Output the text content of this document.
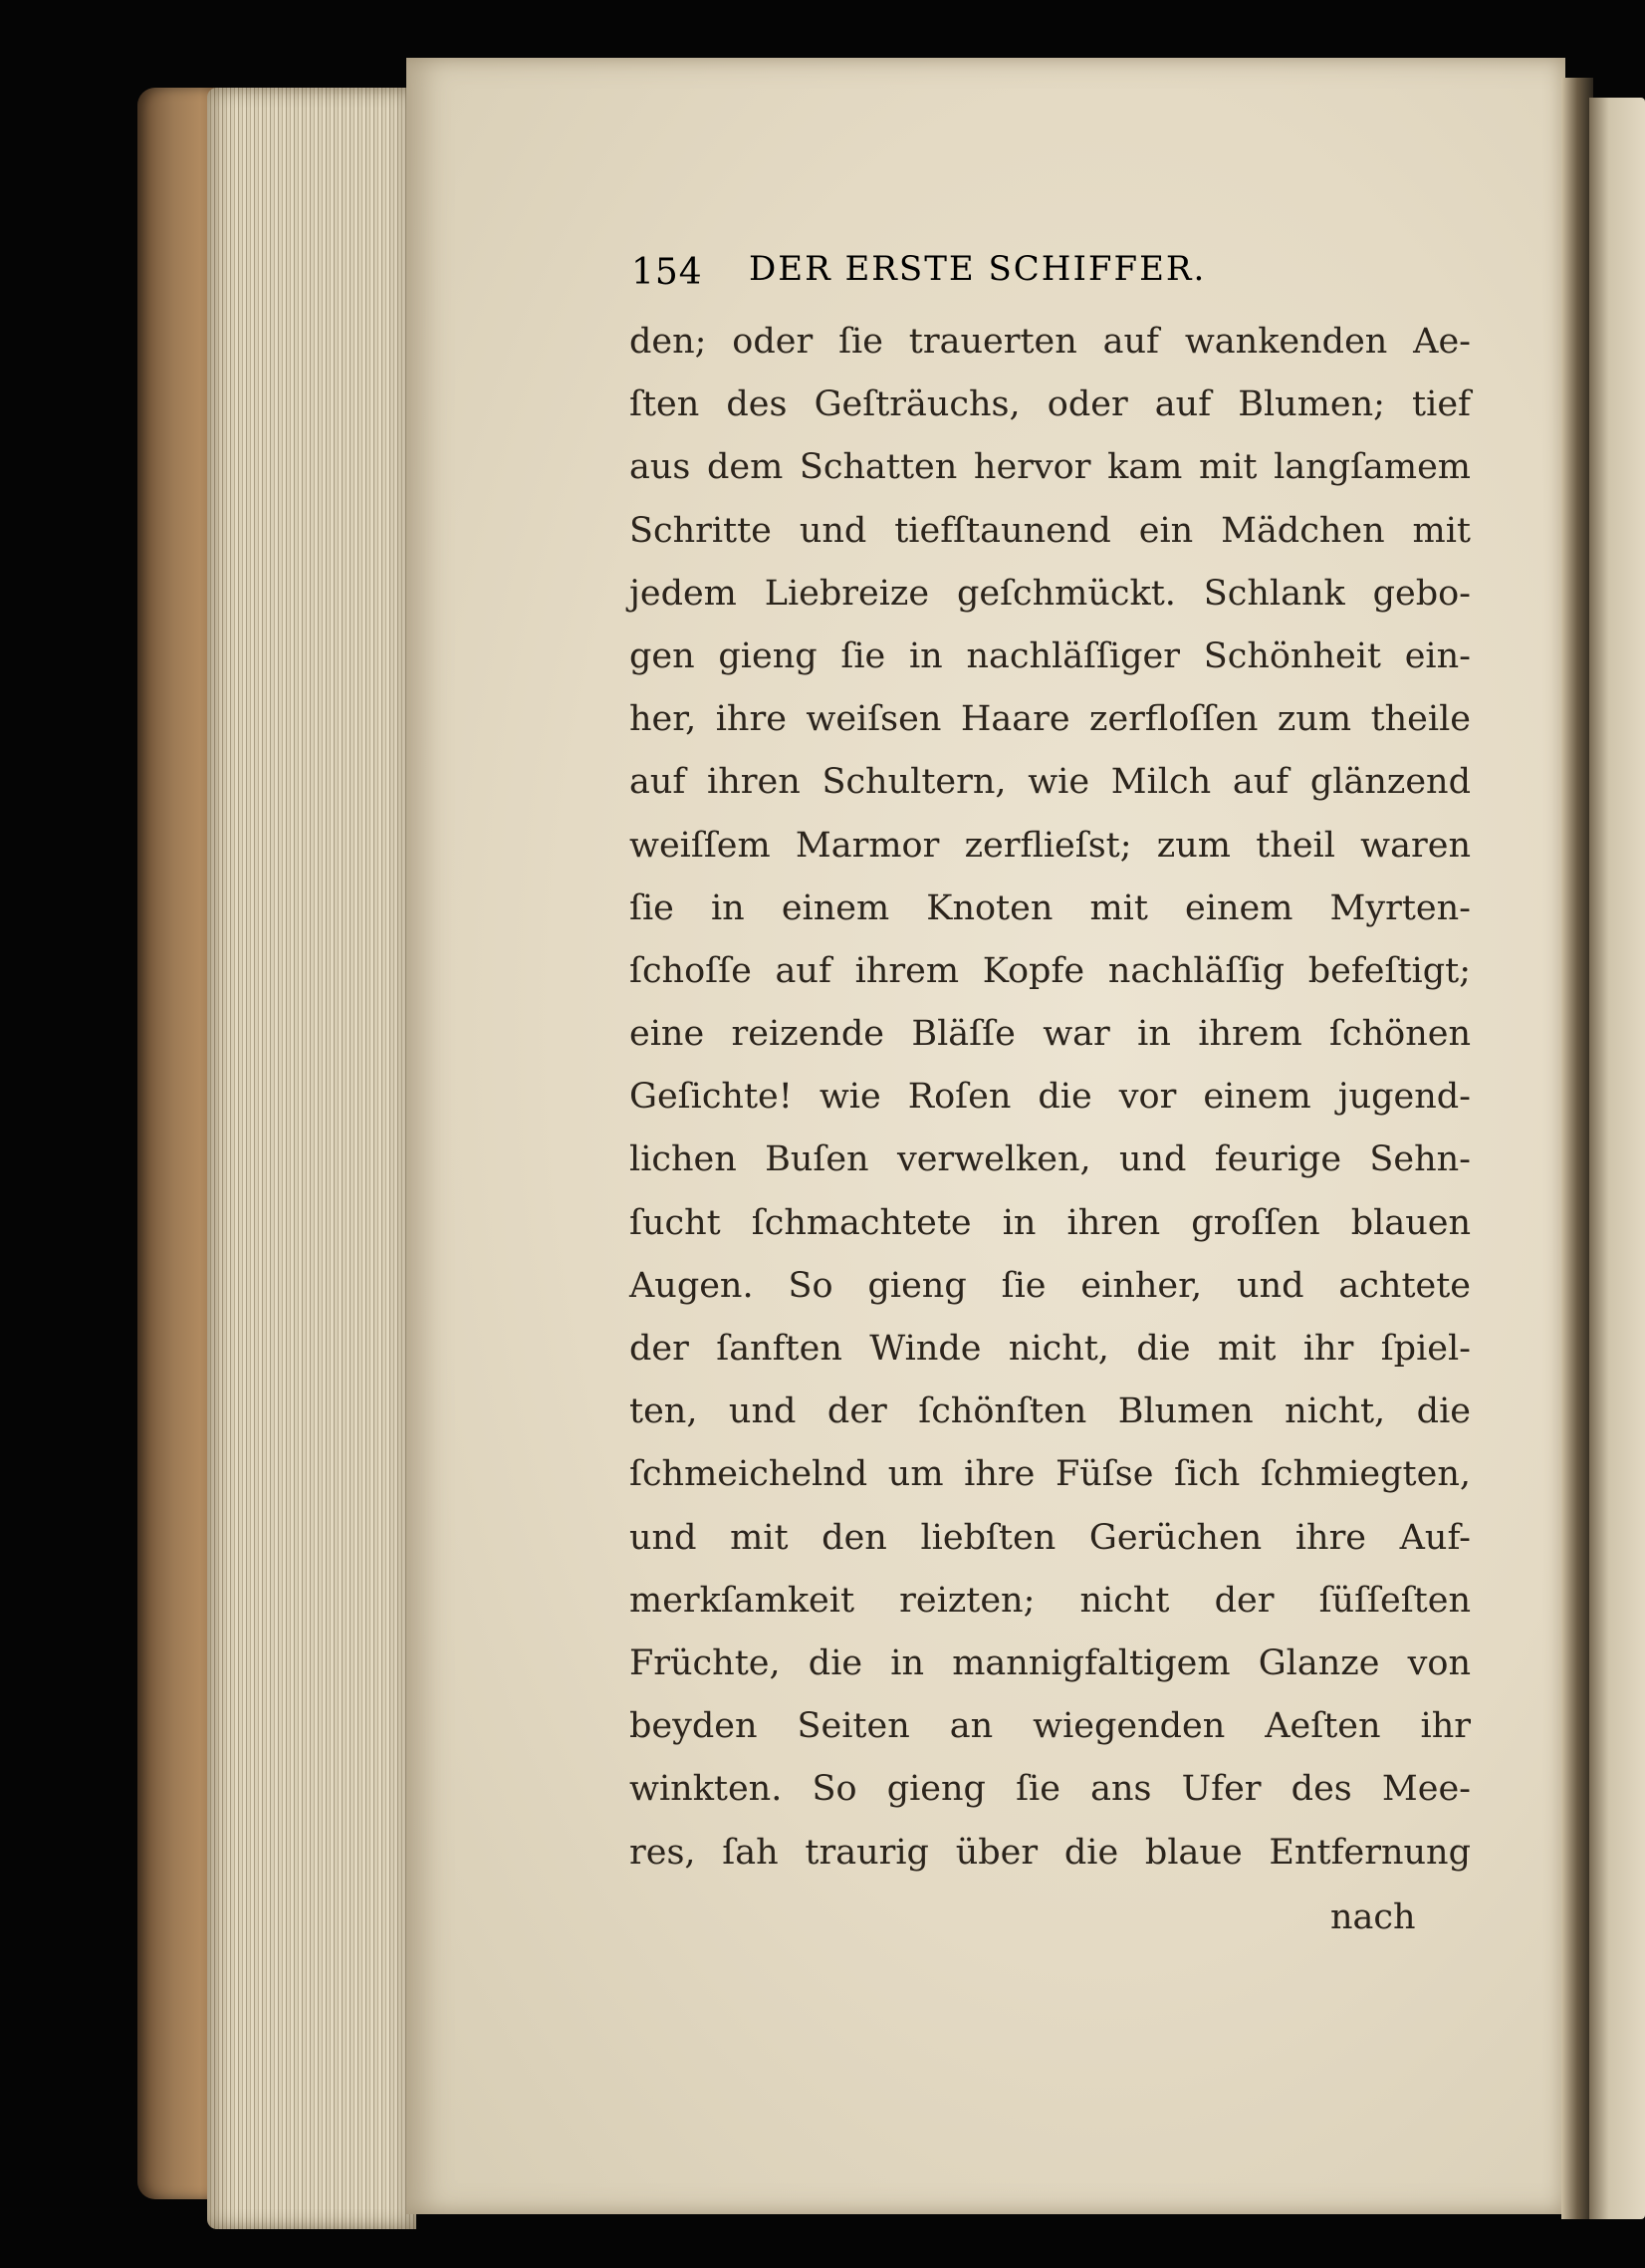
154 DER ERSTE SCHIFFER.
den; oder ſie trauerten auf wankenden Ae-
ſten des Geſträuchs, oder auf Blumen; tief
aus dem Schatten hervor kam mit langſamem
Schritte und tiefſtaunend ein Mädchen mit
jedem Liebreize geſchmückt. Schlank gebo-
gen gieng ſie in nachläſſiger Schönheit ein-
her, ihre weiſsen Haare zerfloſſen zum theile
auf ihren Schultern, wie Milch auf glänzend
weiſſem Marmor zerflieſst; zum theil waren
ſie in einem Knoten mit einem Myrten-
ſchoſſe auf ihrem Kopfe nachläſſig befeſtigt;
eine reizende Bläſſe war in ihrem ſchönen
Geſichte! wie Roſen die vor einem jugend-
lichen Buſen verwelken, und feurige Sehn-
ſucht ſchmachtete in ihren groſſen blauen
Augen. So gieng ſie einher, und achtete
der ſanften Winde nicht, die mit ihr ſpiel-
ten, und der ſchönſten Blumen nicht, die
ſchmeichelnd um ihre Füſse ſich ſchmiegten,
und mit den liebſten Gerüchen ihre Auf-
merkſamkeit reizten; nicht der ſüſſeſten
Früchte, die in mannigfaltigem Glanze von
beyden Seiten an wiegenden Aeſten ihr
winkten. So gieng ſie ans Ufer des Mee-
res, ſah traurig über die blaue Entfernung
nach
